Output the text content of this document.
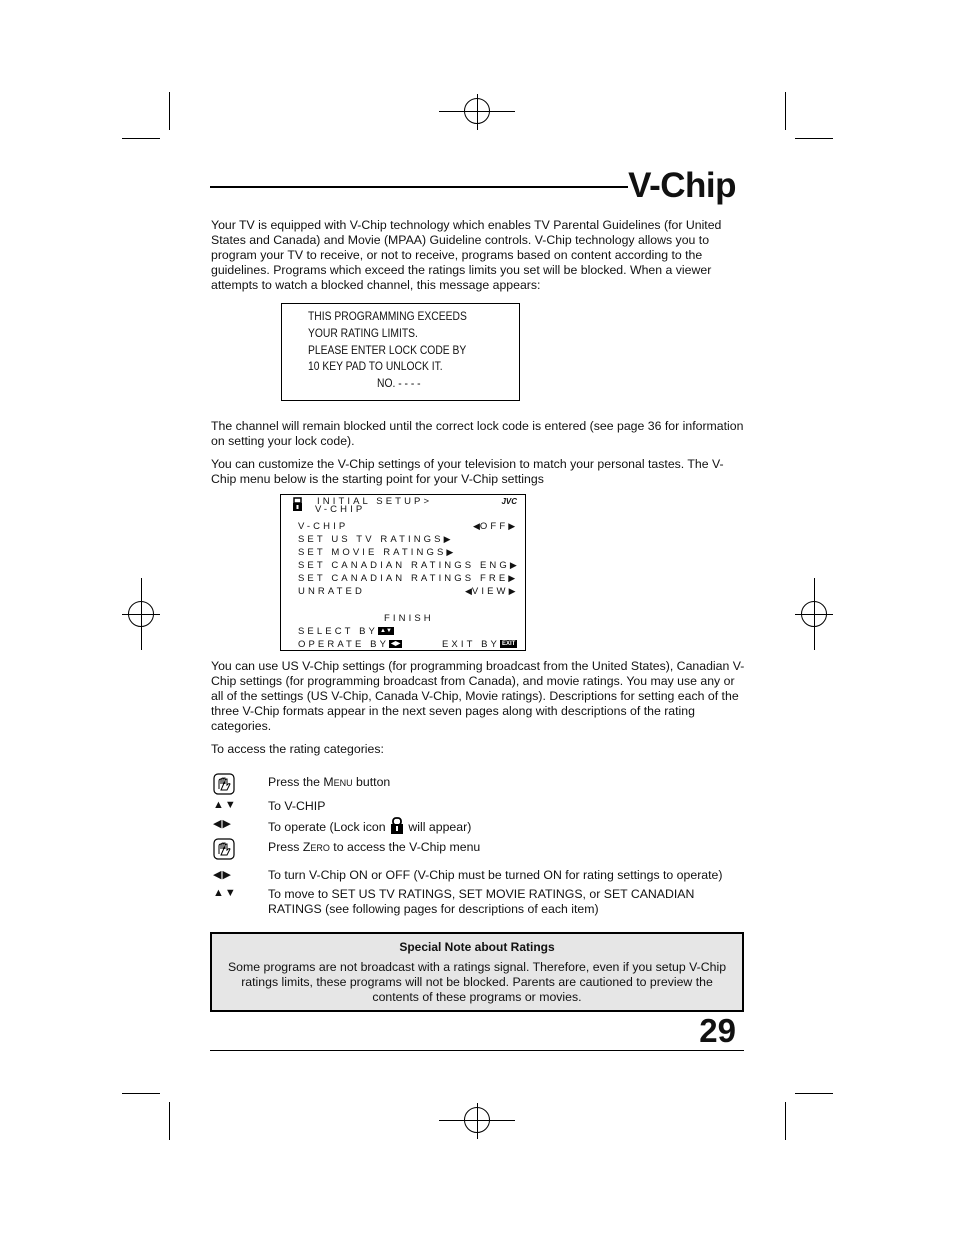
V-Chip
Your TV is equipped with V-Chip technology which enables TV Parental Guidelines (for United States and Canada) and Movie (MPAA) Guideline controls. V-Chip technology allows you to program your TV to receive, or not to receive, programs based on content according to the guidelines. Programs which exceed the ratings limits you set will be blocked. When a viewer attempts to watch a blocked channel, this message appears:
THIS PROGRAMMING EXCEEDS
YOUR RATING LIMITS.
PLEASE ENTER LOCK CODE BY
10 KEY PAD TO UNLOCK IT.
NO. - - - -
The channel will remain blocked until the correct lock code is entered (see page 36 for information on setting your lock code).
You can customize the V-Chip settings of your television to match your personal tastes. The V-Chip menu below is the starting point for your V-Chip settings
INITIAL SETUP>
V-CHIP
JVC
V-CHIP	◀OFF▶
SET US TV RATINGS▶
SET MOVIE RATINGS▶
SET CANADIAN RATINGS ENG▶
SET CANADIAN RATINGS FRE▶
UNRATED	◀VIEW▶
FINISH
SELECT BY ▲▼
OPERATE BY ◀▶	EXIT BY EXIT
You can use US V-Chip settings (for programming broadcast from the United States), Canadian V-Chip settings (for programming broadcast from Canada), and movie ratings. You may use any or all of the settings (US V-Chip, Canada V-Chip, Movie ratings). Descriptions for setting each of the three V-Chip formats appear in the next seven pages along with descriptions of the rating categories.
To access the rating categories:
Press the MENU button
▲▼	To V-CHIP
◀▶	To operate (Lock icon will appear)
Press ZERO to access the V-Chip menu
◀▶	To turn V-Chip ON or OFF (V-Chip must be turned ON for rating settings to operate)
▲▼	To move to SET US TV RATINGS, SET MOVIE RATINGS, or SET CANADIAN RATINGS (see following pages for descriptions of each item)
Special Note about Ratings
Some programs are not broadcast with a ratings signal. Therefore, even if you setup V-Chip ratings limits, these programs will not be blocked. Parents are cautioned to preview the contents of these programs or movies.
29
